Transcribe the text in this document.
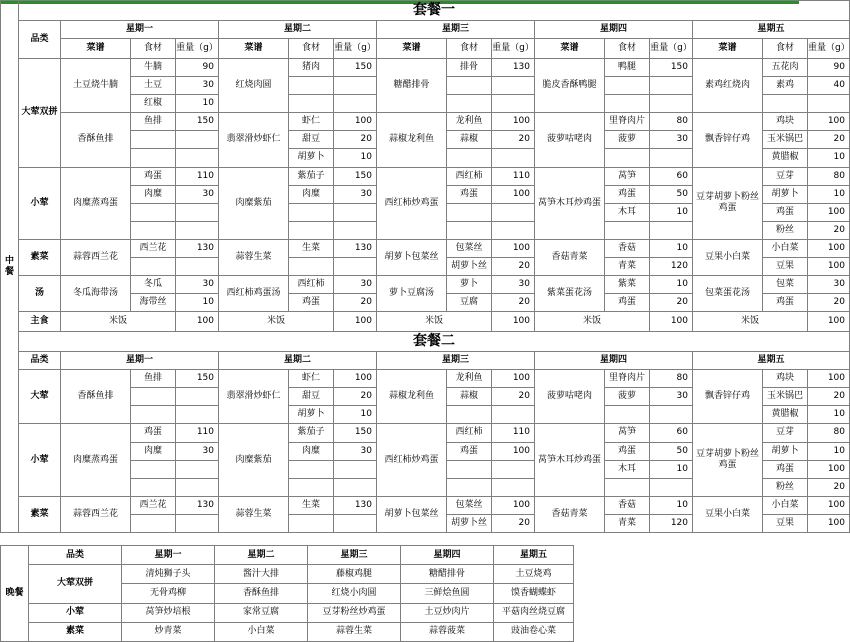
中餐	套餐一															
	品类	星期一			星期二			星期三			星期四			星期五		
		菜谱	食材	重量（g）	菜谱	食材	重量（g）	菜谱	食材	重量（g）	菜谱	食材	重量（g）	菜谱	食材	重量（g）
	大荤双拼	土豆烧牛腩	牛腩	90	红烧肉圆	猪肉	150	糖醋排骨	排骨	130	脆皮香酥鸭腿	鸭腿	150	素鸡红烧肉	五花肉	90
			土豆	30											素鸡	40
			红椒	10												
		香酥鱼排	鱼排	150	翡翠滑炒虾仁	虾仁	100	蒜椒龙利鱼	龙利鱼	100	菠萝咕咾肉	里脊肉片	80	飘香锌仔鸡	鸡块	100
						甜豆	20		蒜椒	20		菠萝	30		玉米锅巴	20
						胡萝卜	10								黄腊椒	10
	小荤	肉糜蒸鸡蛋	鸡蛋	110	肉糜紫茄	紫茄子	150	西红柿炒鸡蛋	西红柿	110	莴笋木耳炒鸡蛋	莴笋	60	豆芽胡萝卜粉丝鸡蛋	豆芽	80
			肉糜	30		肉糜	30		鸡蛋	100		鸡蛋	50		胡萝卜	10
												木耳	10		鸡蛋	100
															粉丝	20
	素菜	蒜蓉西兰花	西兰花	130	蒜蓉生菜	生菜	130	胡萝卜包菜丝	包菜丝	100	香菇青菜	香菇	10	豆果小白菜	小白菜	100
									胡萝卜丝	20		青菜	120		豆果	100
	汤	冬瓜海带汤	冬瓜	30	西红柿鸡蛋汤	西红柿	30	萝卜豆腐汤	萝卜	30	紫菜蛋花汤	紫菜	10	包菜蛋花汤	包菜	30
			海带丝	10		鸡蛋	20		豆腐	20		鸡蛋	20		鸡蛋	20
	主食	米饭		100	米饭		100	米饭		100	米饭		100	米饭		100
	套餐二															
	品类	星期一			星期二			星期三			星期四			星期五		
	大荤	香酥鱼排	鱼排	150	翡翠滑炒虾仁	虾仁	100	蒜椒龙利鱼	龙利鱼	100	菠萝咕咾肉	里脊肉片	80	飘香锌仔鸡	鸡块	100
						甜豆	20		蒜椒	20		菠萝	30		玉米锅巴	20
						胡萝卜	10								黄腊椒	10
	小荤	肉糜蒸鸡蛋	鸡蛋	110	肉糜紫茄	紫茄子	150	西红柿炒鸡蛋	西红柿	110	莴笋木耳炒鸡蛋	莴笋	60	豆芽胡萝卜粉丝鸡蛋	豆芽	80
			肉糜	30		肉糜	30		鸡蛋	100		鸡蛋	50		胡萝卜	10
												木耳	10		鸡蛋	100
															粉丝	20
	素菜	蒜蓉西兰花	西兰花	130	蒜蓉生菜	生菜	130	胡萝卜包菜丝	包菜丝	100	香菇青菜	香菇	10	豆果小白菜	小白菜	100
									胡萝卜丝	20		青菜	120		豆果	100
晚餐	品类	星期一	星期二	星期三	星期四	星期五
	大荤双拼	清炖狮子头	酱汁大排	藤椒鸡腿	糖醋排骨	土豆烧鸡
		无骨鸡柳	香酥鱼排	红烧小肉圆	三鲜烩鱼圆	馍香蝴蝶虾
	小荤	莴笋炒培根	家常豆腐	豆芽粉丝炒鸡蛋	土豆炒肉片	平菇肉丝烧豆腐
	素菜	炒青菜	小白菜	蒜蓉生菜	蒜蓉菠菜	豉油卷心菜
